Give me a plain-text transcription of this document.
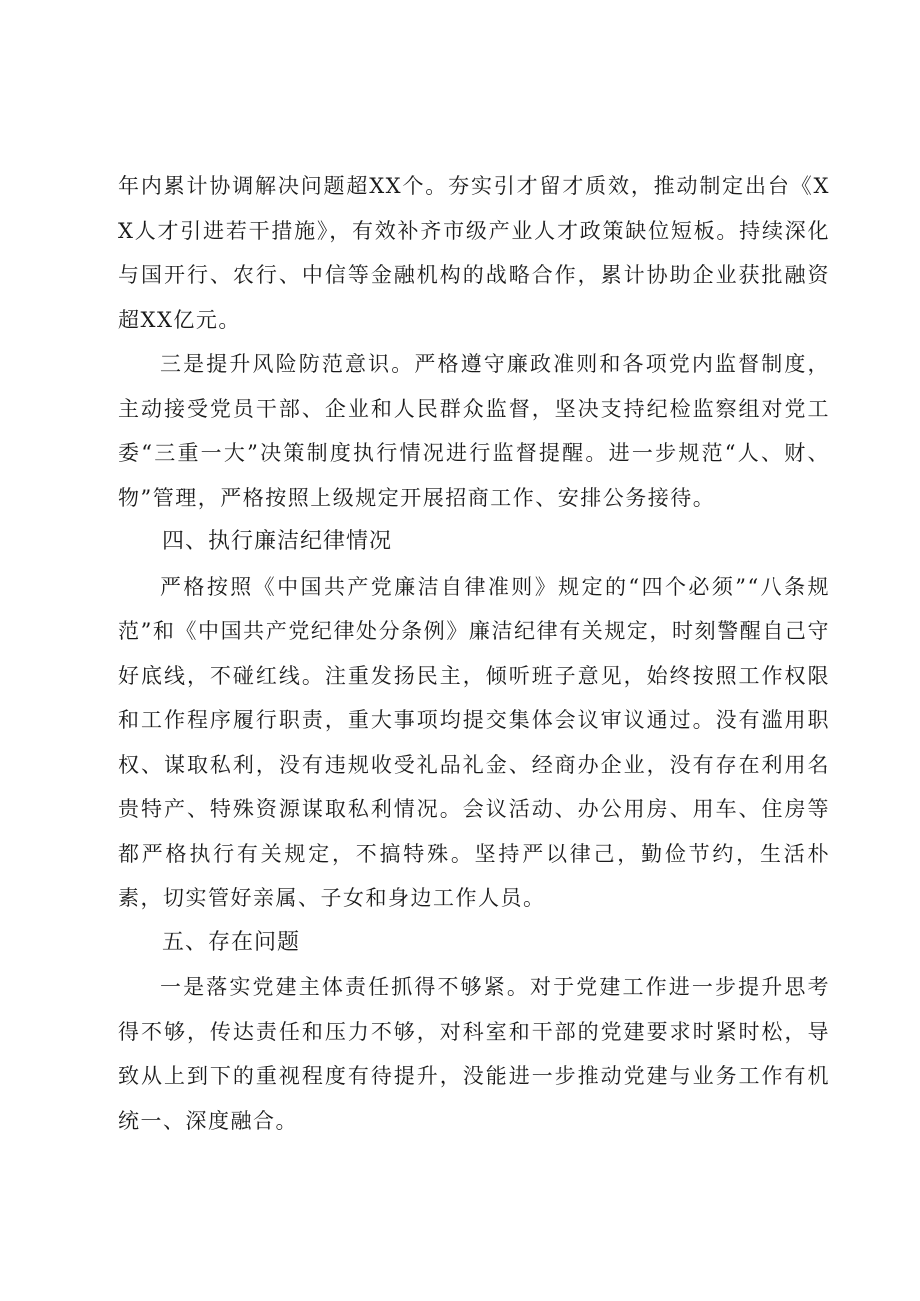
年内累计协调解决问题超XX个。夯实引才留才质效，推动制定出台《XX人才引进若干措施》，有效补齐市级产业人才政策缺位短板。持续深化与国开行、农行、中信等金融机构的战略合作，累计协助企业获批融资超XX亿元。

三是提升风险防范意识。严格遵守廉政准则和各项党内监督制度，主动接受党员干部、企业和人民群众监督，坚决支持纪检监察组对党工委“三重一大”决策制度执行情况进行监督提醒。进一步规范“人、财、物”管理，严格按照上级规定开展招商工作、安排公务接待。

四、执行廉洁纪律情况

严格按照《中国共产党廉洁自律准则》规定的“四个必须”“八条规范”和《中国共产党纪律处分条例》廉洁纪律有关规定，时刻警醒自己守好底线，不碰红线。注重发扬民主，倾听班子意见，始终按照工作权限和工作程序履行职责，重大事项均提交集体会议审议通过。没有滥用职权、谋取私利，没有违规收受礼品礼金、经商办企业，没有存在利用名贵特产、特殊资源谋取私利情况。会议活动、办公用房、用车、住房等都严格执行有关规定，不搞特殊。坚持严以律己，勤俭节约，生活朴素，切实管好亲属、子女和身边工作人员。

五、存在问题

一是落实党建主体责任抓得不够紧。对于党建工作进一步提升思考得不够，传达责任和压力不够，对科室和干部的党建要求时紧时松，导致从上到下的重视程度有待提升，没能进一步推动党建与业务工作有机统一、深度融合。
